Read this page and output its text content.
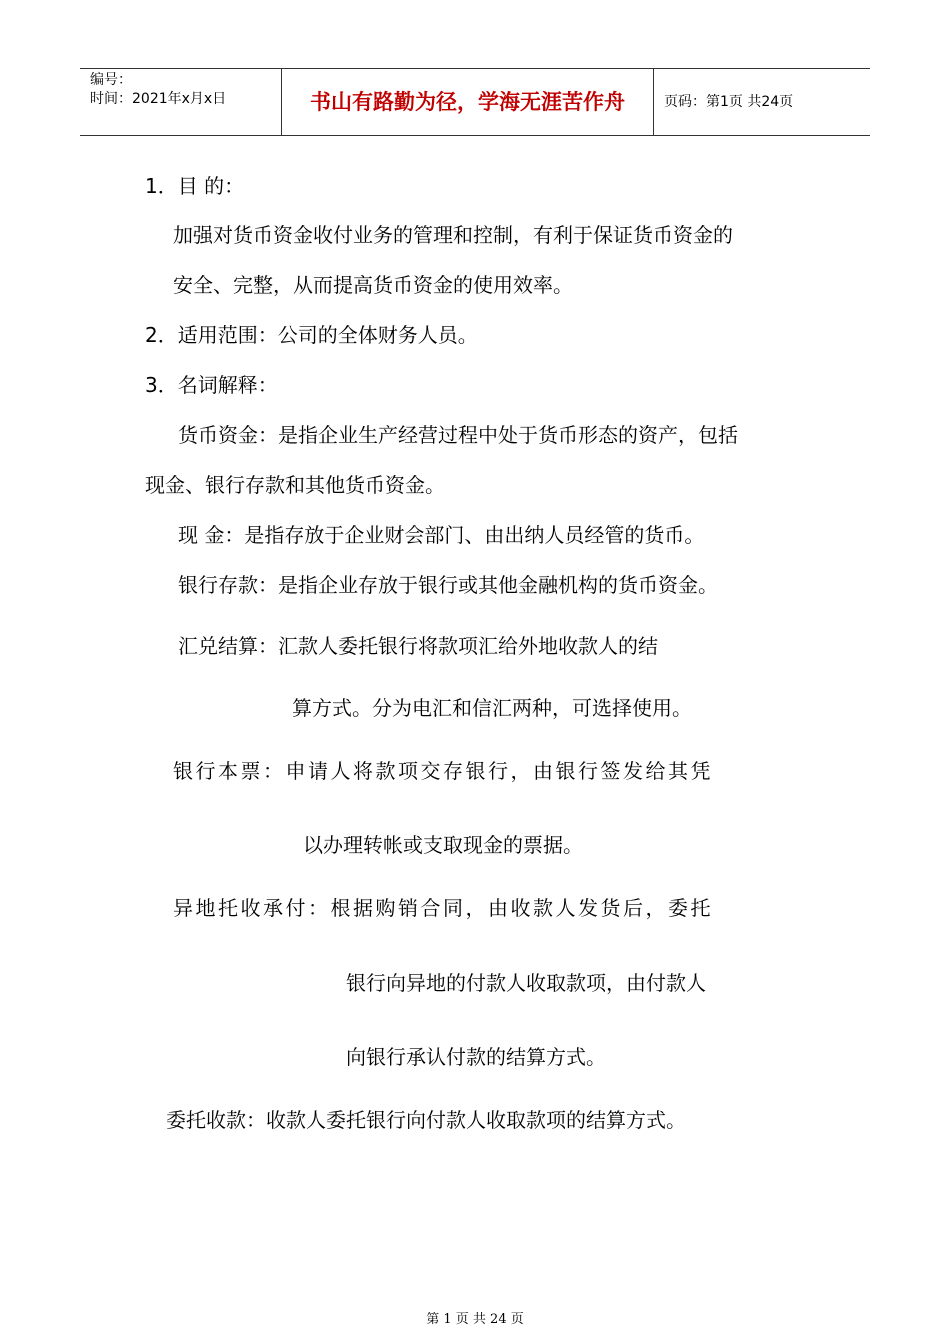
编号：
时间：2021年x月x日	书山有路勤为径，学海无涯苦作舟	页码：第1页 共24页
1．目 的：
加强对货币资金收付业务的管理和控制，有利于保证货币资金的
安全、完整，从而提高货币资金的使用效率。
2．适用范围：公司的全体财务人员。
3．名词解释：
货币资金：是指企业生产经营过程中处于货币形态的资产，包括
现金、银行存款和其他货币资金。
现 金：是指存放于企业财会部门、由出纳人员经管的货币。
银行存款：是指企业存放于银行或其他金融机构的货币资金。
汇兑结算：汇款人委托银行将款项汇给外地收款人的结
算方式。分为电汇和信汇两种，可选择使用。
银行本票：申请人将款项交存银行，由银行签发给其凭
以办理转帐或支取现金的票据。
异地托收承付：根据购销合同，由收款人发货后，委托
银行向异地的付款人收取款项，由付款人
向银行承认付款的结算方式。
委托收款：收款人委托银行向付款人收取款项的结算方式。
第 1 页 共 24 页
